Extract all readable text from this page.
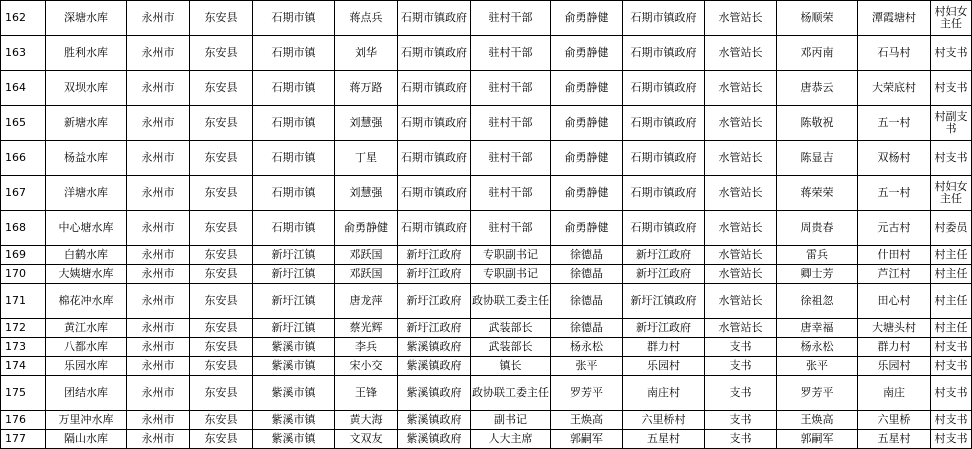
162	深塘水库	永州市	东安县	石期市镇	蒋点兵	石期市镇政府	驻村干部	俞勇静健	石期市镇政府	水管站长	杨顺荣	潭霞塘村	村妇女主任
163	胜利水库	永州市	东安县	石期市镇	刘华	石期市镇政府	驻村干部	俞勇静健	石期市镇政府	水管站长	邓丙南	石马村	村支书
164	双坝水库	永州市	东安县	石期市镇	蒋万路	石期市镇政府	驻村干部	俞勇静健	石期市镇政府	水管站长	唐恭云	大荣底村	村支书
165	新塘水库	永州市	东安县	石期市镇	刘慧强	石期市镇政府	驻村干部	俞勇静健	石期市镇政府	水管站长	陈敬祝	五一村	村副支书
166	杨益水库	永州市	东安县	石期市镇	丁星	石期市镇政府	驻村干部	俞勇静健	石期市镇政府	水管站长	陈显吉	双杨村	村支书
167	洋塘水库	永州市	东安县	石期市镇	刘慧强	石期市镇政府	驻村干部	俞勇静健	石期市镇政府	水管站长	蒋荣荣	五一村	村妇女主任
168	中心塘水库	永州市	东安县	石期市镇	俞勇静健	石期市镇政府	驻村干部	俞勇静健	石期市镇政府	水管站长	周贵春	元古村	村委员
169	白鹤水库	永州市	东安县	新圩江镇	邓跃国	新圩江政府	专职副书记	徐德晶	新圩江政府	水管站长	雷兵	什田村	村主任
170	大姨塘水库	永州市	东安县	新圩江镇	邓跃国	新圩江政府	专职副书记	徐德晶	新圩江政府	水管站长	卿士芳	芦江村	村主任
171	棉花冲水库	永州市	东安县	新圩江镇	唐龙萍	新圩江政府	政协联工委主任	徐德晶	新圩江镇政府	水管站长	徐祖忽	田心村	村主任
172	黄江水库	永州市	东安县	新圩江镇	蔡光辉	新圩江政府	武装部长	徐德晶	新圩江政府	水管站长	唐幸福	大塘头村	村主任
173	八都水库	永州市	东安县	紫溪市镇	李兵	紫溪镇政府	武装部长	杨永松	群力村	支书	杨永松	群力村	村支书
174	乐园水库	永州市	东安县	紫溪市镇	宋小交	紫溪镇政府	镇长	张平	乐园村	支书	张平	乐园村	村支书
175	团结水库	永州市	东安县	紫溪市镇	王锋	紫溪镇政府	政协联工委主任	罗芳平	南庄村	支书	罗芳平	南庄	村支书
176	万里冲水库	永州市	东安县	紫溪市镇	黄大海	紫溪镇政府	副书记	王焕高	六里桥村	支书	王焕高	六里桥	村支书
177	隔山水库	永州市	东安县	紫溪市镇	文双友	紫溪镇政府	人大主席	郭嗣军	五星村	支书	郭嗣军	五星村	村支书
